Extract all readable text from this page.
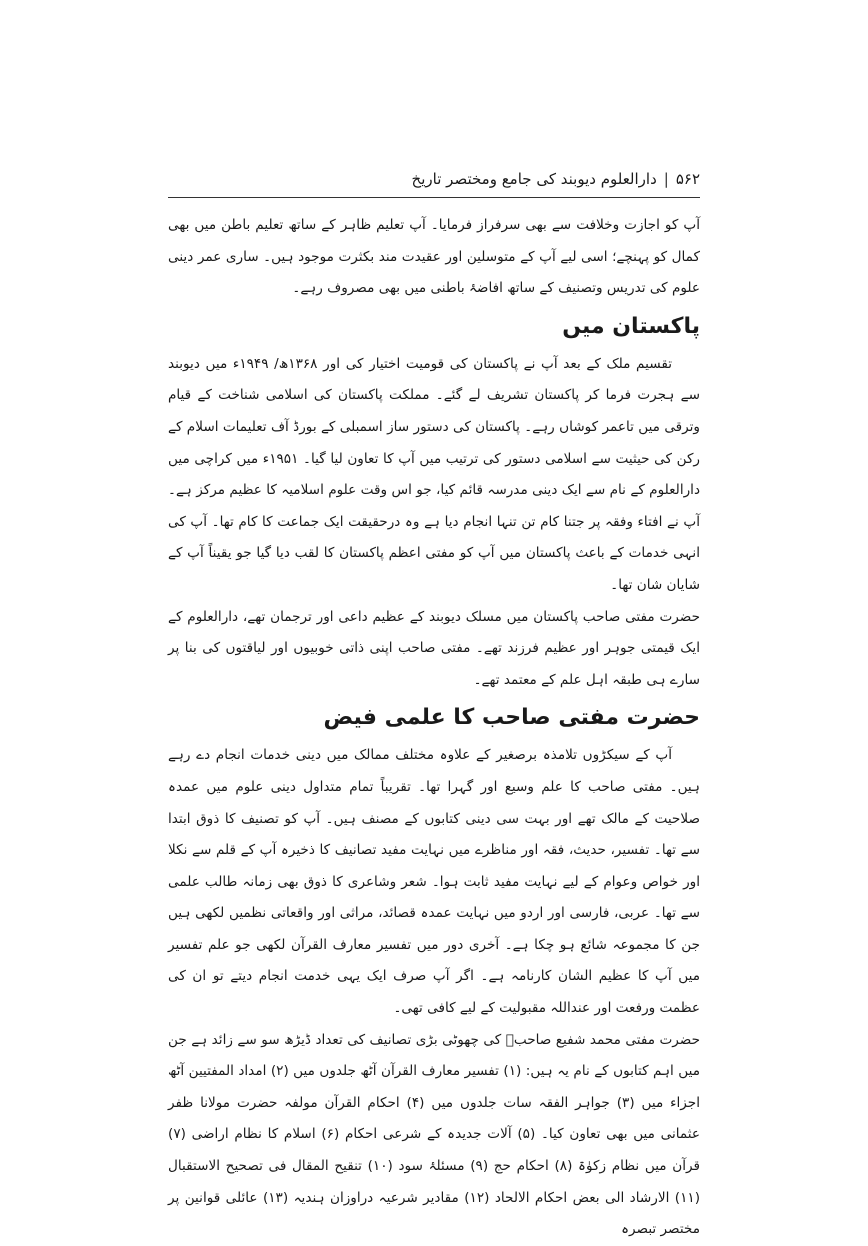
۵۶۲
|
دارالعلوم دیوبند کی جامع ومختصر تاریخ

آپ کو اجازت وخلافت سے بھی سرفراز فرمایا۔ آپ تعلیم ظاہر کے ساتھ تعلیم باطن میں بھی کمال کو پہنچے؛ اسی لیے آپ کے متوسلین اور عقیدت مند بکثرت موجود ہیں۔ ساری عمر دینی علوم کی تدریس وتصنیف کے ساتھ افاضۂ باطنی میں بھی مصروف رہے۔

پاکستان میں

تقسیم ملک کے بعد آپ نے پاکستان کی قومیت اختیار کی اور ۱۳۶۸ھ/ ۱۹۴۹ء میں دیوبند سے ہجرت فرما کر پاکستان تشریف لے گئے۔ مملکت پاکستان کی اسلامی شناخت کے قیام وترقی میں تاعمر کوشاں رہے۔ پاکستان کی دستور ساز اسمبلی کے بورڈ آف تعلیمات اسلام کے رکن کی حیثیت سے اسلامی دستور کی ترتیب میں آپ کا تعاون لیا گیا۔ ۱۹۵۱ء میں کراچی میں دارالعلوم کے نام سے ایک دینی مدرسہ قائم کیا، جو اس وقت علوم اسلامیہ کا عظیم مرکز ہے۔ آپ نے افتاء وفقہ پر جتنا کام تن تنہا انجام دیا ہے وہ درحقیقت ایک جماعت کا کام تھا۔ آپ کی انہی خدمات کے باعث پاکستان میں آپ کو مفتی اعظم پاکستان کا لقب دیا گیا جو یقیناً آپ کے شایان شان تھا۔

حضرت مفتی صاحب پاکستان میں مسلک دیوبند کے عظیم داعی اور ترجمان تھے، دارالعلوم کے ایک قیمتی جوہر اور عظیم فرزند تھے۔ مفتی صاحب اپنی ذاتی خوبیوں اور لیاقتوں کی بنا پر سارے ہی طبقہ اہل علم کے معتمد تھے۔

حضرت مفتی صاحب کا علمی فیض

آپ کے سیکڑوں تلامذہ برصغیر کے علاوہ مختلف ممالک میں دینی خدمات انجام دے رہے ہیں۔ مفتی صاحب کا علم وسیع اور گہرا تھا۔ تقریباً تمام متداول دینی علوم میں عمدہ صلاحیت کے مالک تھے اور بہت سی دینی کتابوں کے مصنف ہیں۔ آپ کو تصنیف کا ذوق ابتدا سے تھا۔ تفسیر، حدیث، فقہ اور مناظرے میں نہایت مفید تصانیف کا ذخیرہ آپ کے قلم سے نکلا اور خواص وعوام کے لیے نہایت مفید ثابت ہوا۔ شعر وشاعری کا ذوق بھی زمانہ طالب علمی سے تھا۔ عربی، فارسی اور اردو میں نہایت عمدہ قصائد، مراثی اور واقعاتی نظمیں لکھی ہیں جن کا مجموعہ شائع ہو چکا ہے۔ آخری دور میں تفسیر معارف القرآن لکھی جو علم تفسیر میں آپ کا عظیم الشان کارنامہ ہے۔ اگر آپ صرف ایک یہی خدمت انجام دیتے تو ان کی عظمت ورفعت اور عنداللہ مقبولیت کے لیے کافی تھی۔

حضرت مفتی محمد شفیع صاحبؒ کی چھوٹی بڑی تصانیف کی تعداد ڈیڑھ سو سے زائد ہے جن میں اہم کتابوں کے نام یہ ہیں: (۱) تفسیر معارف القرآن آٹھ جلدوں میں (۲) امداد المفتیین آٹھ اجزاء میں (۳) جواہر الفقہ سات جلدوں میں (۴) احکام القرآن مولفہ حضرت مولانا ظفر عثمانی میں بھی تعاون کیا۔ (۵) آلات جدیدہ کے شرعی احکام (۶) اسلام کا نظام اراضی (۷) قرآن میں نظام زکوٰۃ (۸) احکام حج (۹) مسئلۂ سود (۱۰) تنقیح المقال فی تصحیح الاستقبال (۱۱) الارشاد الی بعض احکام الالحاد (۱۲) مقادیر شرعیہ دراوزان ہندیہ (۱۳) عائلی قوانین پر مختصر تبصرہ
